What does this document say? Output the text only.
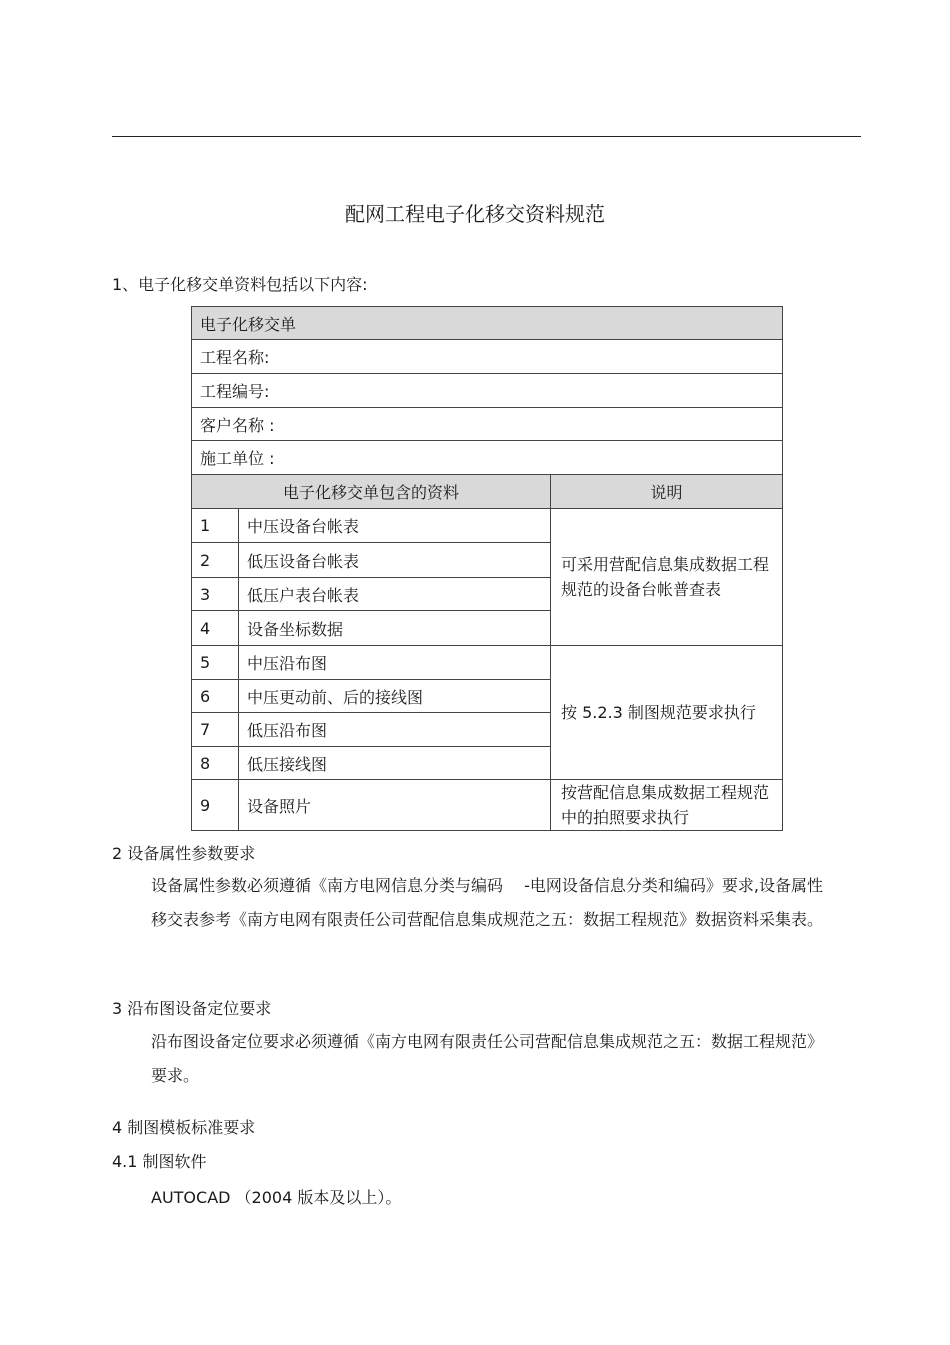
配网工程电子化移交资料规范
1、电子化移交单资料包括以下内容:
电子化移交单		
工程名称:		
工程编号:		
客户名称 :		
施工单位 :		
电子化移交单包含的资料		说明
1	中压设备台帐表	可采用营配信息集成数据工程规范的设备台帐普查表
2	低压设备台帐表	
3	低压户表台帐表	
4	设备坐标数据	
5	中压沿布图	按 5.2.3 制图规范要求执行
6	中压更动前、后的接线图	
7	低压沿布图	
8	低压接线图	
9	设备照片	按营配信息集成数据工程规范中的拍照要求执行
2 设备属性参数要求
设备属性参数必须遵循《南方电网信息分类与编码　 -电网设备信息分类和编码》要求,设备属性移交表参考《南方电网有限责任公司营配信息集成规范之五：数据工程规范》数据资料采集表。
3 沿布图设备定位要求
沿布图设备定位要求必须遵循《南方电网有限责任公司营配信息集成规范之五：数据工程规范》要求。
4 制图模板标准要求
4.1 制图软件
AUTOCAD （2004 版本及以上）。
